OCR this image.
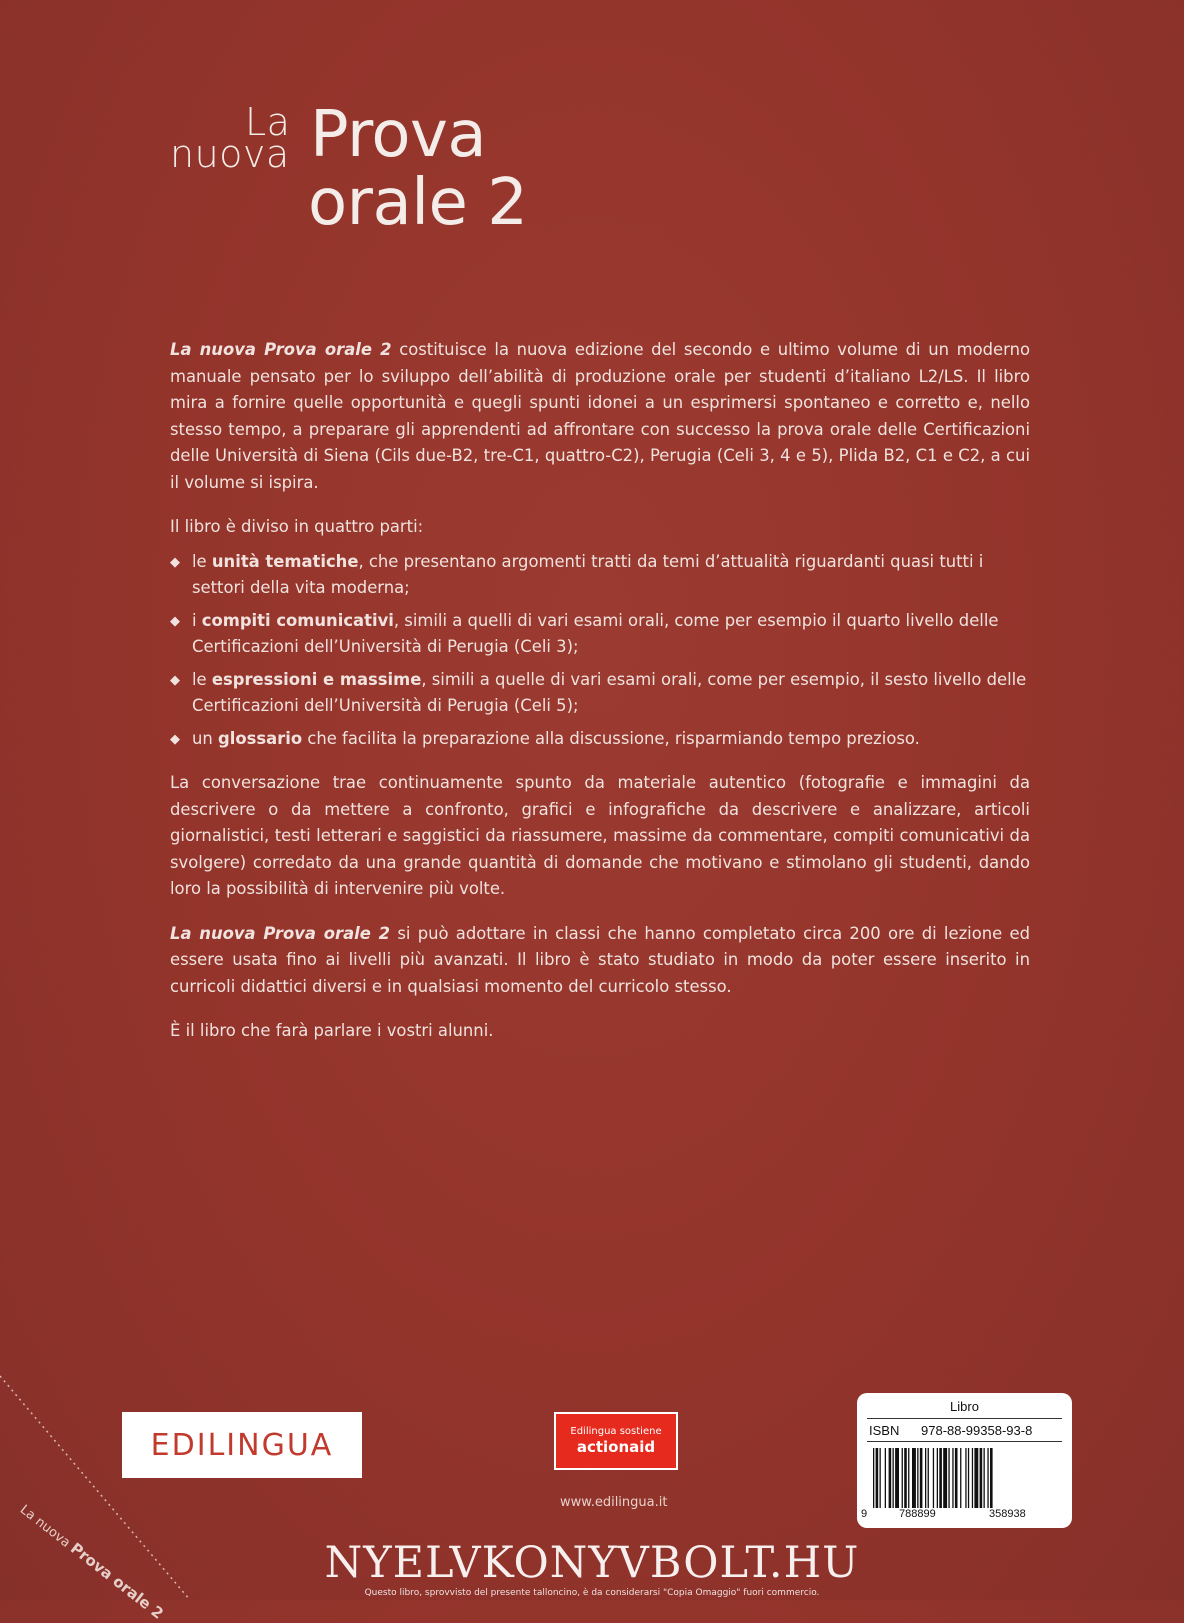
La
nuova Prova
orale 2

La nuova Prova orale 2 costituisce la nuova edizione del secondo e ultimo volume di un moderno manuale pensato per lo sviluppo dell’abilità di produzione orale per studenti d’italiano L2/LS. Il libro mira a fornire quelle opportunità e quegli spunti idonei a un esprimersi spontaneo e corretto e, nello stesso tempo, a preparare gli apprendenti ad affrontare con successo la prova orale delle Certificazioni delle Università di Siena (Cils due-B2, tre-C1, quattro-C2), Perugia (Celi 3, 4 e 5), Plida B2, C1 e C2, a cui il volume si ispira.

Il libro è diviso in quattro parti:

◆ le unità tematiche, che presentano argomenti tratti da temi d’attualità riguardanti quasi tutti i settori della vita moderna;
◆ i compiti comunicativi, simili a quelli di vari esami orali, come per esempio il quarto livello delle Certificazioni dell’Università di Perugia (Celi 3);
◆ le espressioni e massime, simili a quelle di vari esami orali, come per esempio, il sesto livello delle Certificazioni dell’Università di Perugia (Celi 5);
◆ un glossario che facilita la preparazione alla discussione, risparmiando tempo prezioso.

La conversazione trae continuamente spunto da materiale autentico (fotografie e immagini da descrivere o da mettere a confronto, grafici e infografiche da descrivere e analizzare, articoli giornalistici, testi letterari e saggistici da riassumere, massime da commentare, compiti comunicativi da svolgere) corredato da una grande quantità di domande che motivano e stimolano gli studenti, dando loro la possibilità di intervenire più volte.

La nuova Prova orale 2 si può adottare in classi che hanno completato circa 200 ore di lezione ed essere usata fino ai livelli più avanzati. Il libro è stato studiato in modo da poter essere inserito in curricoli didattici diversi e in qualsiasi momento del curricolo stesso.

È il libro che farà parlare i vostri alunni.

La nuova Prova orale 2
EDILINGUA	Edilingua sostiene
actionaid
www.edilingua.it
Libro
ISBN 978-88-99358-93-8
9	788899	358938
NYELVKONYVBOLT.HU
Questo libro, sprovvisto del presente talloncino, è da considerarsi "Copia Omaggio" fuori commercio.
